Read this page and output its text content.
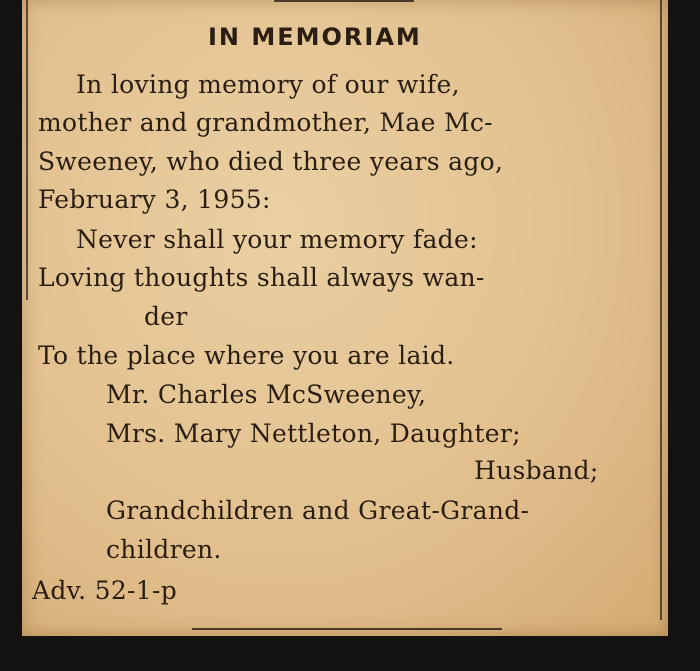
IN MEMORIAM
In loving memory of our wife,
mother and grandmother, Mae Mc-
Sweeney, who died three years ago,
February 3, 1955:
Never shall your memory fade:
Loving thoughts shall always wan-
der
To the place where you are laid.
Mr. Charles McSweeney,
Mrs. Mary Nettleton, Daughter;
Husband;
Grandchildren and Great-Grand-
children.
Adv. 52-1-p
